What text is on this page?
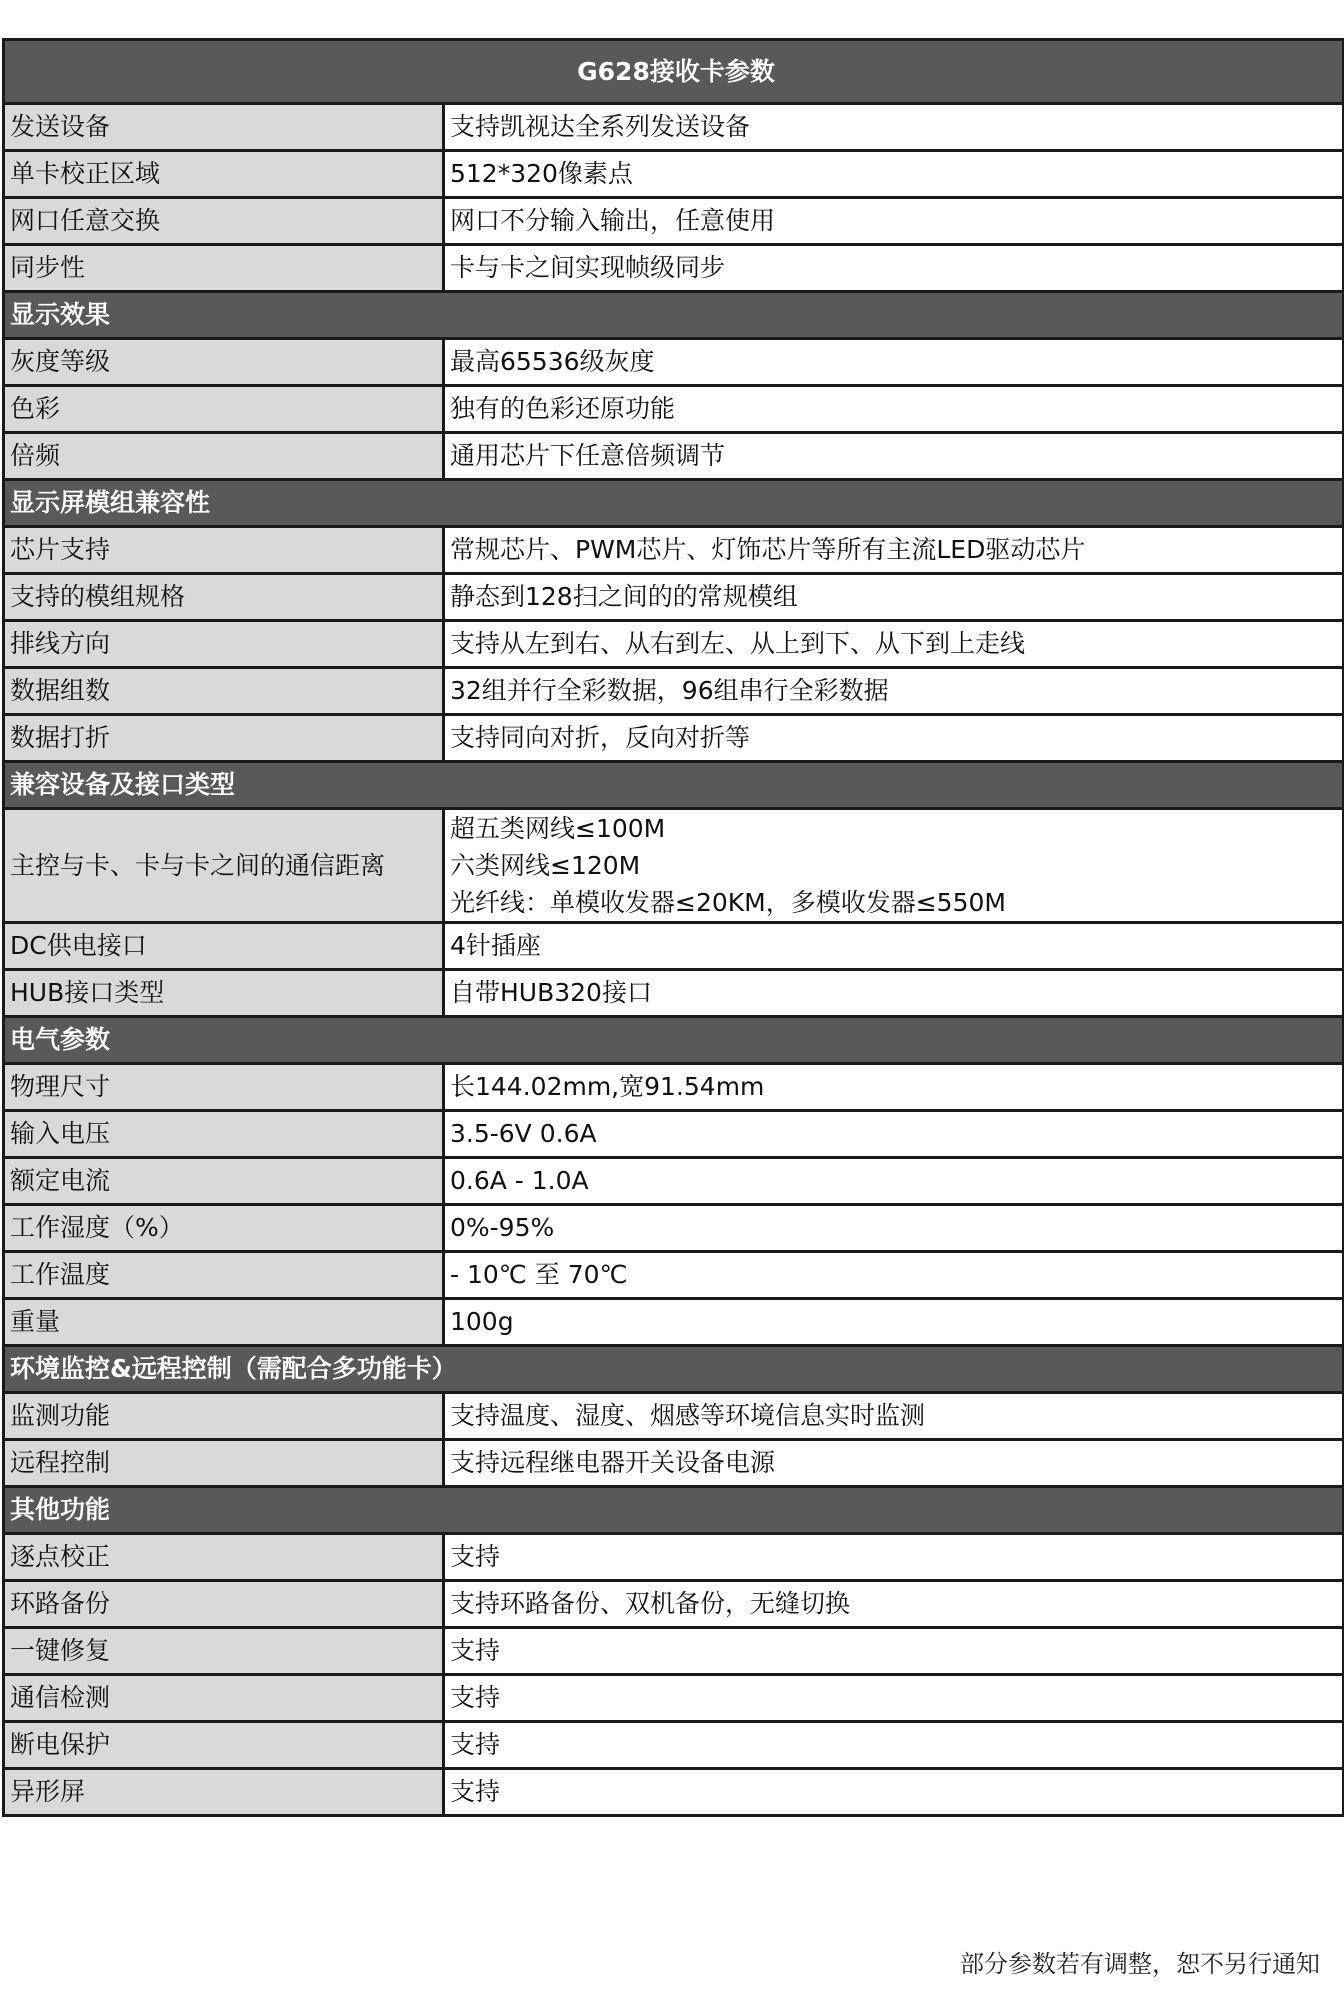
G628接收卡参数	
发送设备	支持凯视达全系列发送设备
单卡校正区域	512*320像素点
网口任意交换	网口不分输入输出，任意使用
同步性	卡与卡之间实现帧级同步
显示效果	
灰度等级	最高65536级灰度
色彩	独有的色彩还原功能
倍频	通用芯片下任意倍频调节
显示屏模组兼容性	
芯片支持	常规芯片、PWM芯片、灯饰芯片等所有主流LED驱动芯片
支持的模组规格	静态到128扫之间的的常规模组
排线方向	支持从左到右、从右到左、从上到下、从下到上走线
数据组数	32组并行全彩数据，96组串行全彩数据
数据打折	支持同向对折，反向对折等
兼容设备及接口类型	
主控与卡、卡与卡之间的通信距离	超五类网线≤100M
六类网线≤120M
光纤线：单模收发器≤20KM，多模收发器≤550M

DC供电接口	4针插座
HUB接口类型	自带HUB320接口
电气参数	
物理尺寸	长144.02mm,宽91.54mm
输入电压	3.5-6V 0.6A
额定电流	0.6A - 1.0A
工作湿度（%）	0%-95%
工作温度	- 10℃ 至 70℃
重量	100g
环境监控&远程控制（需配合多功能卡）	
监测功能	支持温度、湿度、烟感等环境信息实时监测
远程控制	支持远程继电器开关设备电源
其他功能	
逐点校正	支持
环路备份	支持环路备份、双机备份，无缝切换
一键修复	支持
通信检测	支持
断电保护	支持
异形屏	支持
部分参数若有调整，恕不另行通知
